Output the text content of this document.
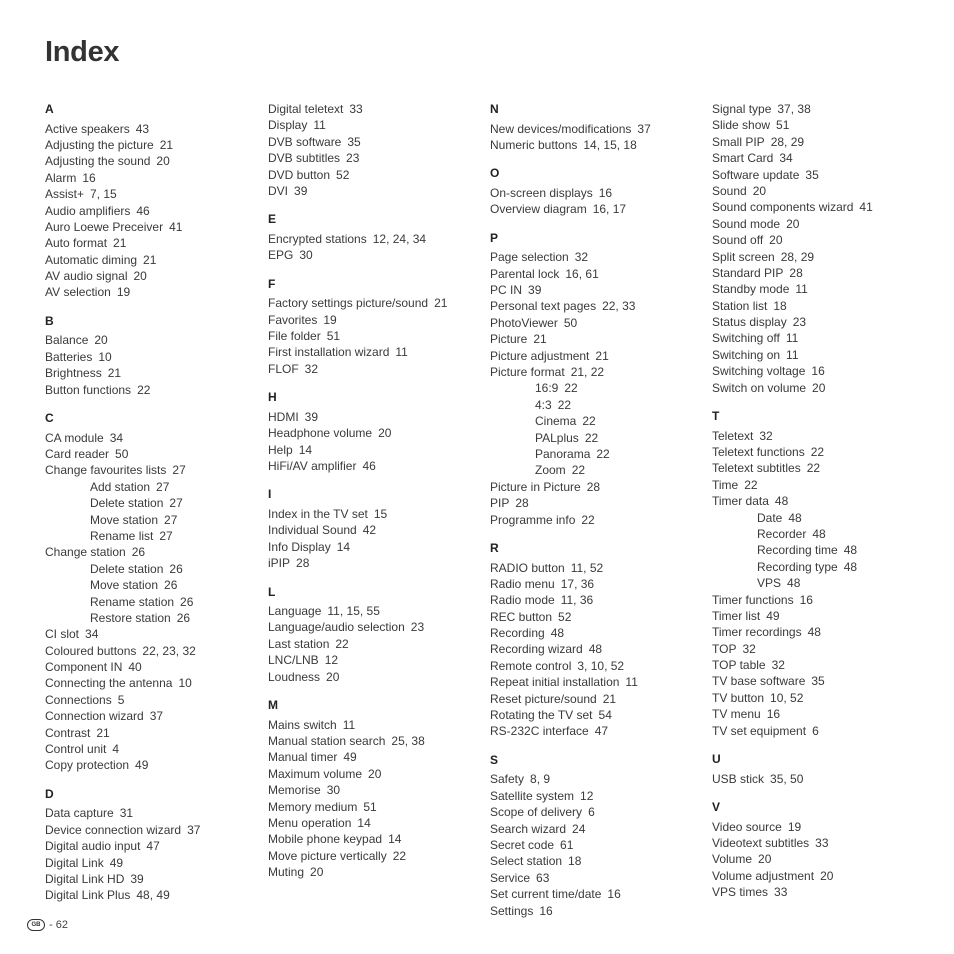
Index
A
Active speakers 43
Adjusting the picture 21
Adjusting the sound 20
Alarm 16
Assist+ 7, 15
Audio amplifiers 46
Auro Loewe Preceiver 41
Auto format 21
Automatic diming 21
AV audio signal 20
AV selection 19
B
Balance 20
Batteries 10
Brightness 21
Button functions 22
C
CA module 34
Card reader 50
Change favourites lists 27
Add station 27
Delete station 27
Move station 27
Rename list 27
Change station 26
Delete station 26
Move station 26
Rename station 26
Restore station 26
CI slot 34
Coloured buttons 22, 23, 32
Component IN 40
Connecting the antenna 10
Connections 5
Connection wizard 37
Contrast 21
Control unit 4
Copy protection 49
D
Data capture 31
Device connection wizard 37
Digital audio input 47
Digital Link 49
Digital Link HD 39
Digital Link Plus 48, 49
Digital teletext 33
Display 11
DVB software 35
DVB subtitles 23
DVD button 52
DVI 39
E
Encrypted stations 12, 24, 34
EPG 30
F
Factory settings picture/sound 21
Favorites 19
File folder 51
First installation wizard 11
FLOF 32
H
HDMI 39
Headphone volume 20
Help 14
HiFi/AV amplifier 46
I
Index in the TV set 15
Individual Sound 42
Info Display 14
iPIP 28
L
Language 11, 15, 55
Language/audio selection 23
Last station 22
LNC/LNB 12
Loudness 20
M
Mains switch 11
Manual station search 25, 38
Manual timer 49
Maximum volume 20
Memorise 30
Memory medium 51
Menu operation 14
Mobile phone keypad 14
Move picture vertically 22
Muting 20
N
New devices/modifications 37
Numeric buttons 14, 15, 18
O
On-screen displays 16
Overview diagram 16, 17
P
Page selection 32
Parental lock 16, 61
PC IN 39
Personal text pages 22, 33
PhotoViewer 50
Picture 21
Picture adjustment 21
Picture format 21, 22
16:9 22
4:3 22
Cinema 22
PALplus 22
Panorama 22
Zoom 22
Picture in Picture 28
PIP 28
Programme info 22
R
RADIO button 11, 52
Radio menu 17, 36
Radio mode 11, 36
REC button 52
Recording 48
Recording wizard 48
Remote control 3, 10, 52
Repeat initial installation 11
Reset picture/sound 21
Rotating the TV set 54
RS-232C interface 47
S
Safety 8, 9
Satellite system 12
Scope of delivery 6
Search wizard 24
Secret code 61
Select station 18
Service 63
Set current time/date 16
Settings 16
Signal type 37, 38
Slide show 51
Small PIP 28, 29
Smart Card 34
Software update 35
Sound 20
Sound components wizard 41
Sound mode 20
Sound off 20
Split screen 28, 29
Standard PIP 28
Standby mode 11
Station list 18
Status display 23
Switching off 11
Switching on 11
Switching voltage 16
Switch on volume 20
T
Teletext 32
Teletext functions 22
Teletext subtitles 22
Time 22
Timer data 48
Date 48
Recorder 48
Recording time 48
Recording type 48
VPS 48
Timer functions 16
Timer list 49
Timer recordings 48
TOP 32
TOP table 32
TV base software 35
TV button 10, 52
TV menu 16
TV set equipment 6
U
USB stick 35, 50
V
Video source 19
Videotext subtitles 33
Volume 20
Volume adjustment 20
VPS times 33
GB - 62
